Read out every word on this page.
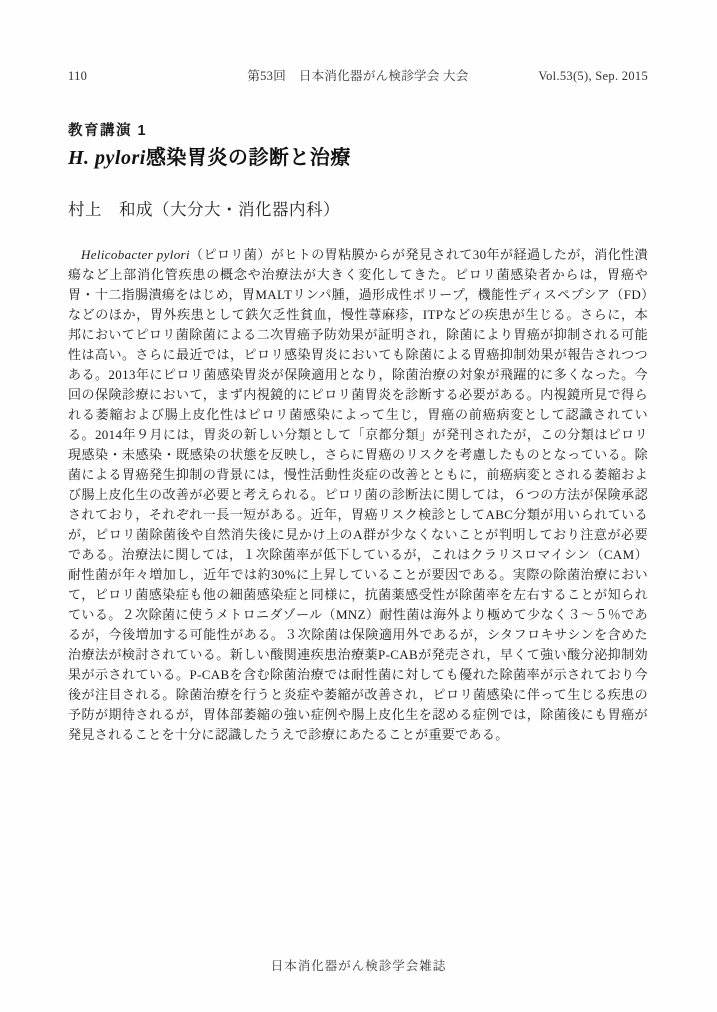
110	第53回　日本消化器がん検診学会 大会	Vol.53(5), Sep. 2015
教育講演 1
H. pylori感染胃炎の診断と治療
村上　和成（大分大・消化器内科）

Helicobacter pylori（ピロリ菌）がヒトの胃粘膜からが発見されて30年が経過したが，消化性潰瘍など上部消化管疾患の概念や治療法が大きく変化してきた。ピロリ菌感染者からは，胃癌や胃・十二指腸潰瘍をはじめ，胃MALTリンパ腫，過形成性ポリープ，機能性ディスペプシア（FD）などのほか，胃外疾患として鉄欠乏性貧血，慢性蕁麻疹，ITPなどの疾患が生じる。さらに，本邦においてピロリ菌除菌による二次胃癌予防効果が証明され，除菌により胃癌が抑制される可能性は高い。さらに最近では，ピロリ感染胃炎においても除菌による胃癌抑制効果が報告されつつある。2013年にピロリ菌感染胃炎が保険適用となり，除菌治療の対象が飛躍的に多くなった。今回の保険診療において，まず内視鏡的にピロリ菌胃炎を診断する必要がある。内視鏡所見で得られる萎縮および腸上皮化性はピロリ菌感染によって生じ，胃癌の前癌病変として認識されている。2014年９月には，胃炎の新しい分類として「京都分類」が発刊されたが，この分類はピロリ現感染・未感染・既感染の状態を反映し，さらに胃癌のリスクを考慮したものとなっている。除菌による胃癌発生抑制の背景には，慢性活動性炎症の改善とともに，前癌病変とされる萎縮および腸上皮化生の改善が必要と考えられる。ピロリ菌の診断法に関しては，６つの方法が保険承認されており，それぞれ一長一短がある。近年，胃癌リスク検診としてABC分類が用いられているが，ピロリ菌除菌後や自然消失後に見かけ上のA群が少なくないことが判明しており注意が必要である。治療法に関しては，１次除菌率が低下しているが，これはクラリスロマイシン（CAM）耐性菌が年々増加し，近年では約30%に上昇していることが要因である。実際の除菌治療において，ピロリ菌感染症も他の細菌感染症と同様に，抗菌薬感受性が除菌率を左右することが知られている。２次除菌に使うメトロニダゾール（MNZ）耐性菌は海外より極めて少なく３～５％であるが，今後増加する可能性がある。３次除菌は保険適用外であるが，シタフロキサシンを含めた治療法が検討されている。新しい酸関連疾患治療薬P-CABが発売され，早くて強い酸分泌抑制効果が示されている。P-CABを含む除菌治療では耐性菌に対しても優れた除菌率が示されており今後が注目される。除菌治療を行うと炎症や萎縮が改善され，ピロリ菌感染に伴って生じる疾患の予防が期待されるが，胃体部萎縮の強い症例や腸上皮化生を認める症例では，除菌後にも胃癌が発見されることを十分に認識したうえで診療にあたることが重要である。

日本消化器がん検診学会雑誌
